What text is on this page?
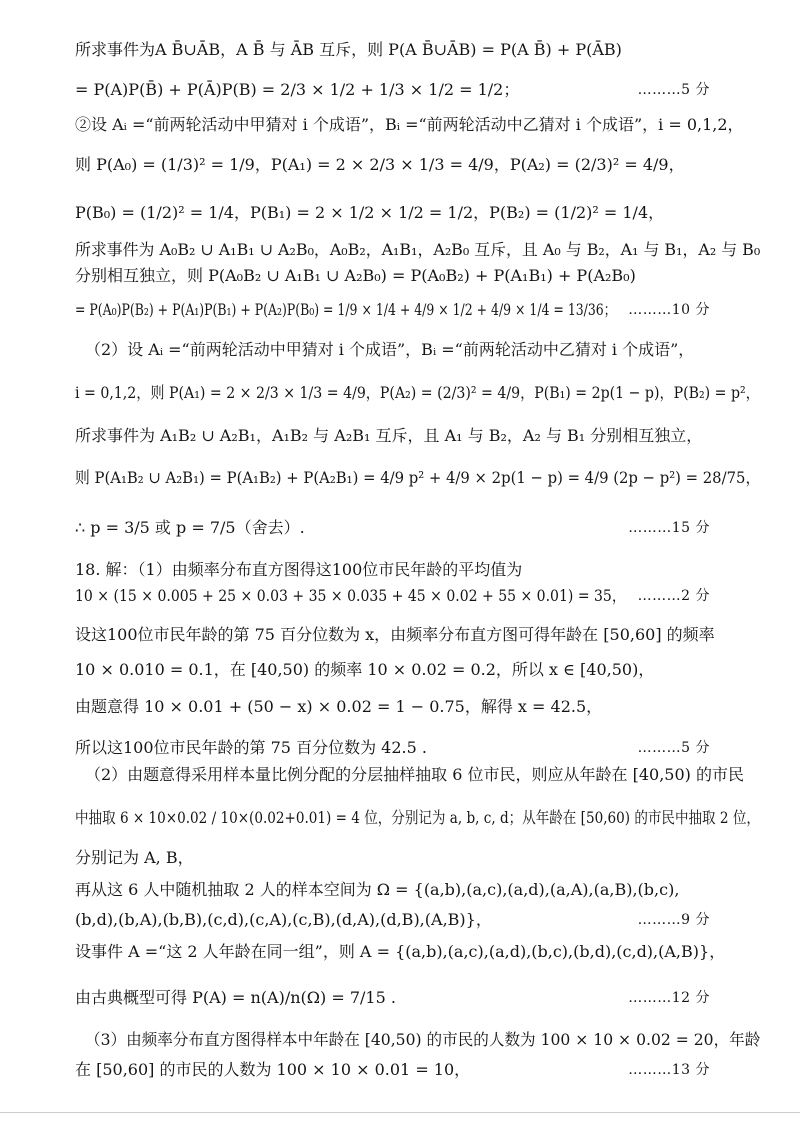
所求事件为A B̄∪ĀB，A B̄ 与 ĀB 互斥，则 P(A B̄∪ĀB) = P(A B̄) + P(ĀB)
= P(A)P(B̄) + P(Ā)P(B) = 2/3 × 1/2 + 1/3 × 1/2 = 1/2；	………5 分
②设 Aᵢ =“前两轮活动中甲猜对 i 个成语”，Bᵢ =“前两轮活动中乙猜对 i 个成语”，i = 0,1,2，
则 P(A₀) = (1/3)² = 1/9，P(A₁) = 2 × 2/3 × 1/3 = 4/9，P(A₂) = (2/3)² = 4/9，
P(B₀) = (1/2)² = 1/4，P(B₁) = 2 × 1/2 × 1/2 = 1/2，P(B₂) = (1/2)² = 1/4，
所求事件为 A₀B₂ ∪ A₁B₁ ∪ A₂B₀，A₀B₂，A₁B₁，A₂B₀ 互斥，且 A₀ 与 B₂，A₁ 与 B₁，A₂ 与 B₀
分别相互独立，则 P(A₀B₂ ∪ A₁B₁ ∪ A₂B₀) = P(A₀B₂) + P(A₁B₁) + P(A₂B₀)
= P(A₀)P(B₂) + P(A₁)P(B₁) + P(A₂)P(B₀) = 1/9 × 1/4 + 4/9 × 1/2 + 4/9 × 1/4 = 13/36； ………10 分
（2）设 Aᵢ =“前两轮活动中甲猜对 i 个成语”，Bᵢ =“前两轮活动中乙猜对 i 个成语”，
i = 0,1,2，则 P(A₁) = 2 × 2/3 × 1/3 = 4/9，P(A₂) = (2/3)² = 4/9，P(B₁) = 2p(1 − p)，P(B₂) = p²，
所求事件为 A₁B₂ ∪ A₂B₁，A₁B₂ 与 A₂B₁ 互斥，且 A₁ 与 B₂，A₂ 与 B₁ 分别相互独立，
则 P(A₁B₂ ∪ A₂B₁) = P(A₁B₂) + P(A₂B₁) = 4/9 p² + 4/9 × 2p(1 − p) = 4/9 (2p − p²) = 28/75，
∴ p = 3/5 或 p = 7/5（舍去）.	………15 分
18. 解：（1）由频率分布直方图得这100位市民年龄的平均值为
10 × (15 × 0.005 + 25 × 0.03 + 35 × 0.035 + 45 × 0.02 + 55 × 0.01) = 35， ………2 分
设这100位市民年龄的第 75 百分位数为 x，由频率分布直方图可得年龄在 [50,60] 的频率
10 × 0.010 = 0.1，在 [40,50) 的频率 10 × 0.02 = 0.2，所以 x ∈ [40,50)，
由题意得 10 × 0.01 + (50 − x) × 0.02 = 1 − 0.75，解得 x = 42.5，
所以这100位市民年龄的第 75 百分位数为 42.5 .	………5 分
（2）由题意得采用样本量比例分配的分层抽样抽取 6 位市民，则应从年龄在 [40,50) 的市民
中抽取 6 × 10×0.02 / 10×(0.02+0.01) = 4 位，分别记为 a, b, c, d；从年龄在 [50,60) 的市民中抽取 2 位，
分别记为 A, B，
再从这 6 人中随机抽取 2 人的样本空间为 Ω = {(a,b),(a,c),(a,d),(a,A),(a,B),(b,c),
(b,d),(b,A),(b,B),(c,d),(c,A),(c,B),(d,A),(d,B),(A,B)}，	………9 分
设事件 A =“这 2 人年龄在同一组”，则 A = {(a,b),(a,c),(a,d),(b,c),(b,d),(c,d),(A,B)}，
由古典概型可得 P(A) = n(A)/n(Ω) = 7/15 .	………12 分
（3）由频率分布直方图得样本中年龄在 [40,50) 的市民的人数为 100 × 10 × 0.02 = 20，年龄
在 [50,60] 的市民的人数为 100 × 10 × 0.01 = 10，	………13 分
